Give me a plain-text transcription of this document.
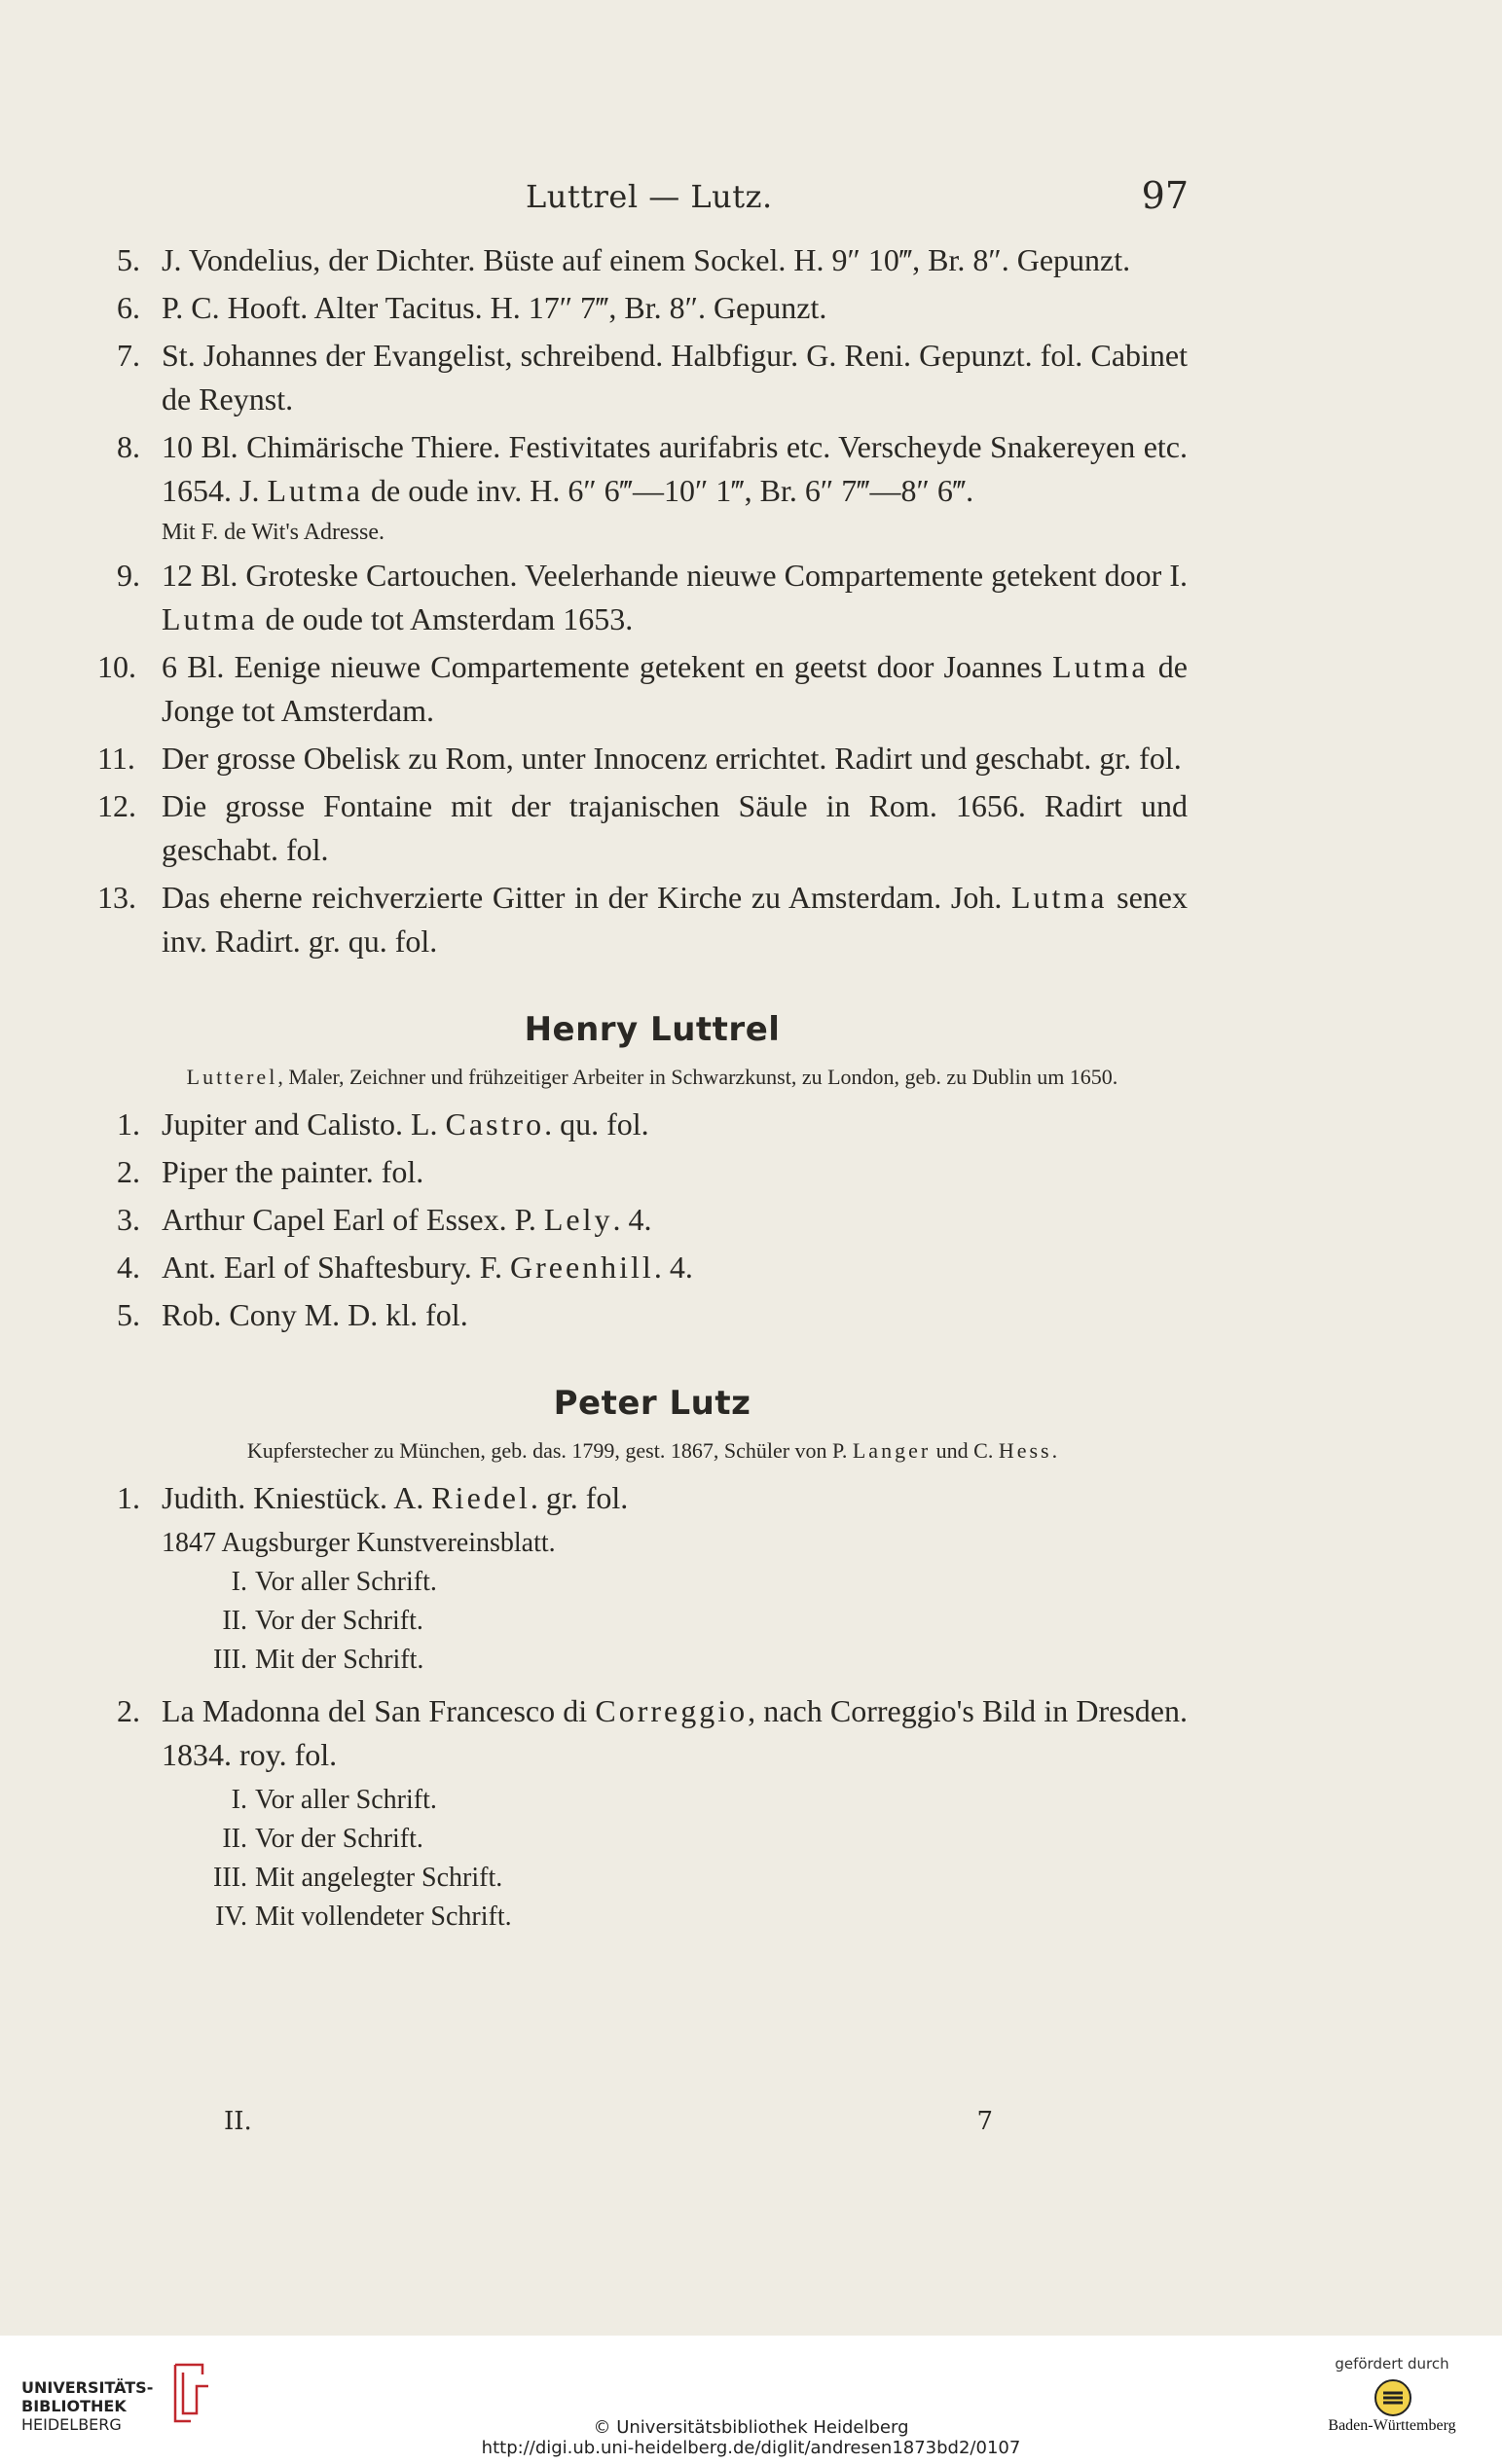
Luttrel — Lutz.	97
5. J. Vondelius, der Dichter. Büste auf einem Sockel. H. 9″ 10‴, Br. 8″. Gepunzt.
6. P. C. Hooft. Alter Tacitus. H. 17″ 7‴, Br. 8″. Gepunzt.
7. St. Johannes der Evangelist, schreibend. Halbfigur. G. Reni. Gepunzt. fol. Cabinet de Reynst.
8. 10 Bl. Chimärische Thiere. Festivitates aurifabris etc. Verscheyde Snakereyen etc. 1654. J. Lutma de oude inv. H. 6″ 6‴—10″ 1‴, Br. 6″ 7‴—8″ 6‴.
Mit F. de Wit's Adresse.
9. 12 Bl. Groteske Cartouchen. Veelerhande nieuwe Compartemente getekent door I. Lutma de oude tot Amsterdam 1653.
10. 6 Bl. Eenige nieuwe Compartemente getekent en geetst door Joannes Lutma de Jonge tot Amsterdam.
11. Der grosse Obelisk zu Rom, unter Innocenz errichtet. Radirt und geschabt. gr. fol.
12. Die grosse Fontaine mit der trajanischen Säule in Rom. 1656. Radirt und geschabt. fol.
13. Das eherne reichverzierte Gitter in der Kirche zu Amsterdam. Joh. Lutma senex inv. Radirt. gr. qu. fol.
Henry Luttrel
Lutterel, Maler, Zeichner und frühzeitiger Arbeiter in Schwarzkunst, zu London, geb. zu Dublin um 1650.
1. Jupiter and Calisto. L. Castro. qu. fol.
2. Piper the painter. fol.
3. Arthur Capel Earl of Essex. P. Lely. 4.
4. Ant. Earl of Shaftesbury. F. Greenhill. 4.
5. Rob. Cony M. D. kl. fol.
Peter Lutz
Kupferstecher zu München, geb. das. 1799, gest. 1867, Schüler von P. Langer und C. Hess.
1. Judith. Kniestück. A. Riedel. gr. fol.
1847 Augsburger Kunstvereinsblatt.
I. Vor aller Schrift.
II. Vor der Schrift.
III. Mit der Schrift.
2. La Madonna del San Francesco di Correggio, nach Correggio's Bild in Dresden. 1834. roy. fol.
I. Vor aller Schrift.
II. Vor der Schrift.
III. Mit angelegter Schrift.
IV. Mit vollendeter Schrift.
II.	7
UNIVERSITÄTS-
BIBLIOTHEK
HEIDELBERG	© Universitätsbibliothek Heidelberg
http://digi.ub.uni-heidelberg.de/diglit/andresen1873bd2/0107
gefördert durch
Baden-Württemberg
